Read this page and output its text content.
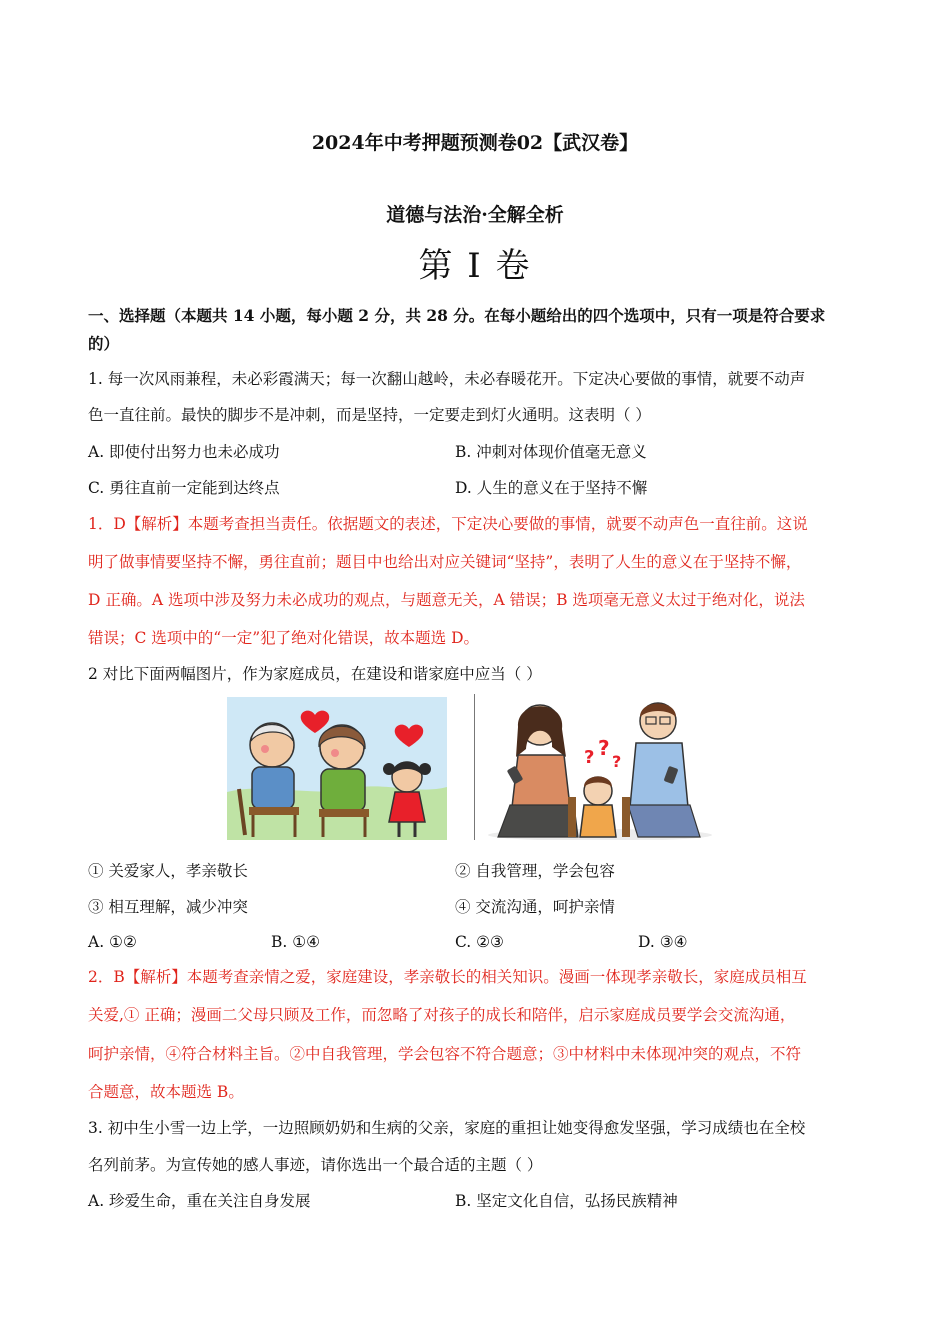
2024年中考押题预测卷02【武汉卷】
道德与法治·全解全析
第 I 卷
一、选择题（本题共 14 小题，每小题 2 分，共 28 分。在每小题给出的四个选项中，只有一项是符合要求
的）
1. 每一次风雨兼程，未必彩霞满天；每一次翻山越岭，未必春暖花开。下定决心要做的事情，就要不动声
色一直往前。最快的脚步不是冲刺，而是坚持，一定要走到灯火通明。这表明（ ）
A. 即使付出努力也未必成功	B. 冲刺对体现价值毫无意义
C. 勇往直前一定能到达终点	D. 人生的意义在于坚持不懈
1．D【解析】本题考查担当责任。依据题文的表述，下定决心要做的事情，就要不动声色一直往前。这说
明了做事情要坚持不懈，勇往直前；题目中也给出对应关键词“坚持”，表明了人生的意义在于坚持不懈，
D 正确。A 选项中涉及努力未必成功的观点，与题意无关，A 错误；B 选项毫无意义太过于绝对化，说法
错误；C 选项中的“一定”犯了绝对化错误，故本题选 D。
2 对比下面两幅图片，作为家庭成员，在建设和谐家庭中应当（ ）
? ?
?
① 关爱家人，孝亲敬长	② 自我管理，学会包容
③ 相互理解，减少冲突	④ 交流沟通，呵护亲情
A. ①②	B. ①④	C. ②③	D. ③④
2．B【解析】本题考查亲情之爱，家庭建设，孝亲敬长的相关知识。漫画一体现孝亲敬长，家庭成员相互
关爱,① 正确；漫画二父母只顾及工作，而忽略了对孩子的成长和陪伴，启示家庭成员要学会交流沟通，
呵护亲情，④符合材料主旨。②中自我管理，学会包容不符合题意；③中材料中未体现冲突的观点，不符
合题意，故本题选 B。
3. 初中生小雪一边上学，一边照顾奶奶和生病的父亲，家庭的重担让她变得愈发坚强，学习成绩也在全校
名列前茅。为宣传她的感人事迹，请你选出一个最合适的主题（ ）
A. 珍爱生命，重在关注自身发展	B. 坚定文化自信，弘扬民族精神
